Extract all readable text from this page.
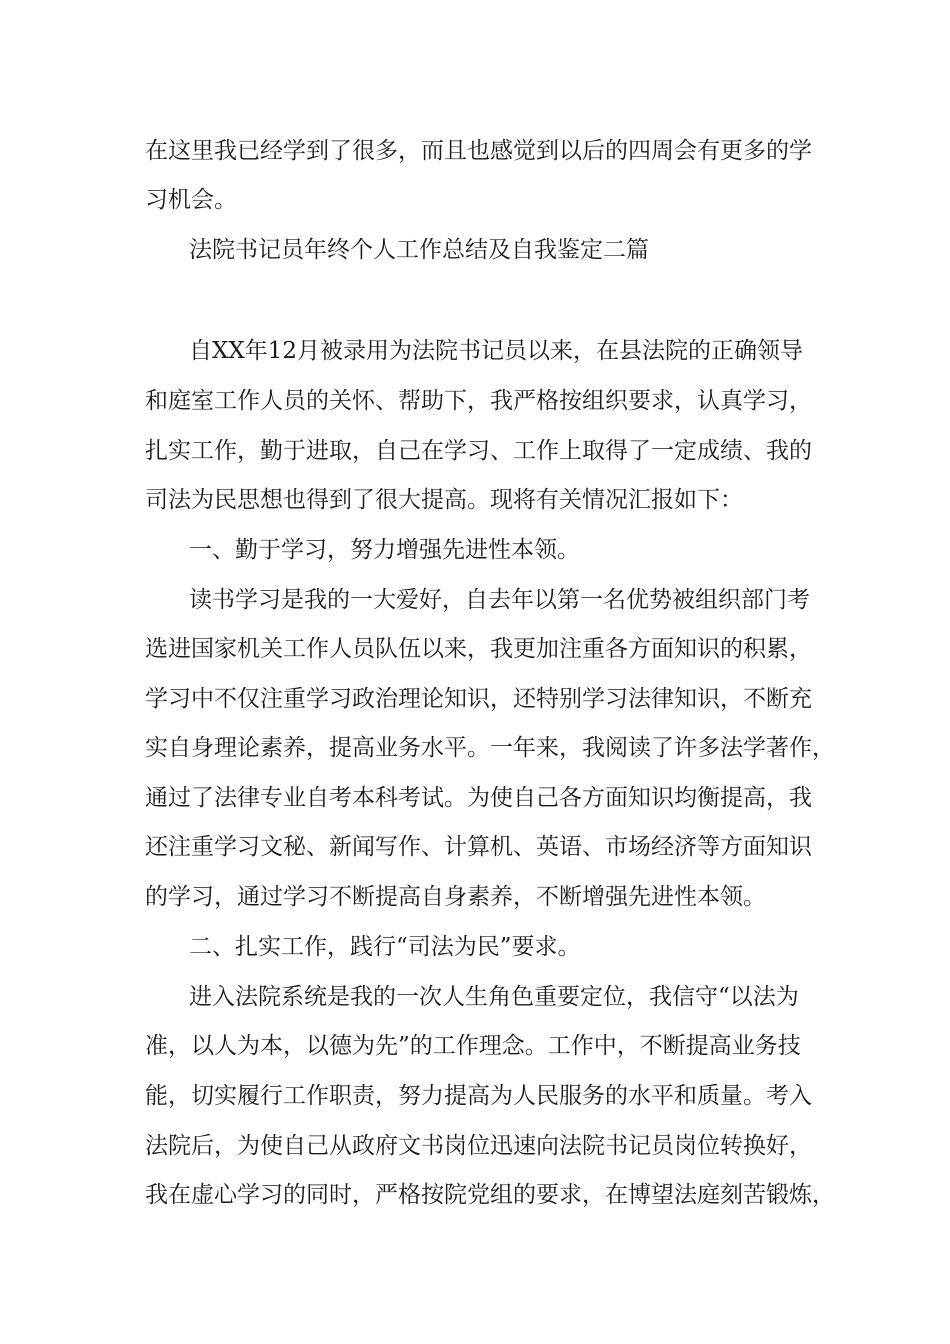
在这里我已经学到了很多，而且也感觉到以后的四周会有更多的学
习机会。
法院书记员年终个人工作总结及自我鉴定二篇
自XX年12月被录用为法院书记员以来，在县法院的正确领导
和庭室工作人员的关怀、帮助下，我严格按组织要求，认真学习，
扎实工作，勤于进取，自己在学习、工作上取得了一定成绩、我的
司法为民思想也得到了很大提高。现将有关情况汇报如下：
一、勤于学习，努力增强先进性本领。
读书学习是我的一大爱好，自去年以第一名优势被组织部门考
选进国家机关工作人员队伍以来，我更加注重各方面知识的积累，
学习中不仅注重学习政治理论知识，还特别学习法律知识，不断充
实自身理论素养，提高业务水平。一年来，我阅读了许多法学著作，
通过了法律专业自考本科考试。为使自己各方面知识均衡提高，我
还注重学习文秘、新闻写作、计算机、英语、市场经济等方面知识
的学习，通过学习不断提高自身素养，不断增强先进性本领。
二、扎实工作，践行“司法为民”要求。
进入法院系统是我的一次人生角色重要定位，我信守“以法为
准，以人为本，以德为先”的工作理念。工作中，不断提高业务技
能，切实履行工作职责，努力提高为人民服务的水平和质量。考入
法院后，为使自己从政府文书岗位迅速向法院书记员岗位转换好，
我在虚心学习的同时，严格按院党组的要求，在博望法庭刻苦锻炼，
